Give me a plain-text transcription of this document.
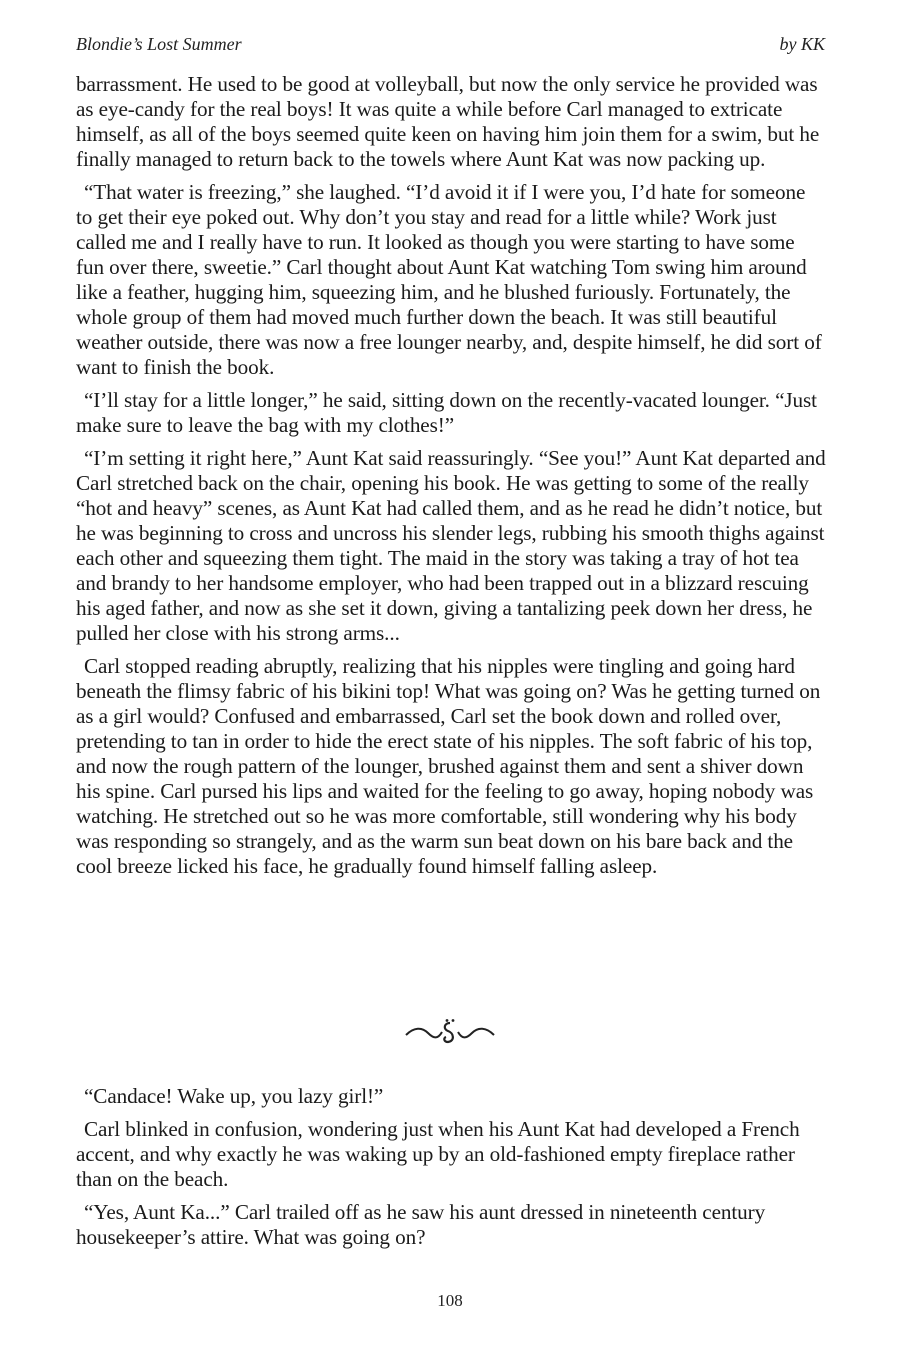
Blondie’s Lost Summer	by KK

barrassment. He used to be good at volleyball, but now the only service he provided was as eye-candy for the real boys! It was quite a while before Carl managed to extricate himself, as all of the boys seemed quite keen on having him join them for a swim, but he finally managed to return back to the towels where Aunt Kat was now packing up.

“That water is freezing,” she laughed. “I’d avoid it if I were you, I’d hate for someone to get their eye poked out. Why don’t you stay and read for a little while? Work just called me and I really have to run. It looked as though you were starting to have some fun over there, sweetie.” Carl thought about Aunt Kat watching Tom swing him around like a feather, hugging him, squeezing him, and he blushed furiously. Fortunately, the whole group of them had moved much further down the beach. It was still beautiful weather outside, there was now a free lounger nearby, and, despite himself, he did sort of want to finish the book.

“I’ll stay for a little longer,” he said, sitting down on the recently-vacated lounger. “Just make sure to leave the bag with my clothes!”

“I’m setting it right here,” Aunt Kat said reassuringly. “See you!” Aunt Kat departed and Carl stretched back on the chair, opening his book. He was getting to some of the really “hot and heavy” scenes, as Aunt Kat had called them, and as he read he didn’t notice, but he was beginning to cross and uncross his slender legs, rubbing his smooth thighs against each other and squeezing them tight. The maid in the story was taking a tray of hot tea and brandy to her handsome employer, who had been trapped out in a blizzard rescuing his aged father, and now as she set it down, giving a tantalizing peek down her dress, he pulled her close with his strong arms...

Carl stopped reading abruptly, realizing that his nipples were tingling and going hard beneath the flimsy fabric of his bikini top! What was going on? Was he getting turned on as a girl would? Confused and embarrassed, Carl set the book down and rolled over, pretending to tan in order to hide the erect state of his nipples. The soft fabric of his top, and now the rough pattern of the lounger, brushed against them and sent a shiver down his spine. Carl pursed his lips and waited for the feeling to go away, hoping nobody was watching. He stretched out so he was more comfortable, still wondering why his body was responding so strangely, and as the warm sun beat down on his bare back and the cool breeze licked his face, he gradually found himself falling asleep.

“Candace! Wake up, you lazy girl!”

Carl blinked in confusion, wondering just when his Aunt Kat had developed a French accent, and why exactly he was waking up by an old-fashioned empty fireplace rather than on the beach.

“Yes, Aunt Ka...” Carl trailed off as he saw his aunt dressed in nineteenth century housekeeper’s attire. What was going on?

108
